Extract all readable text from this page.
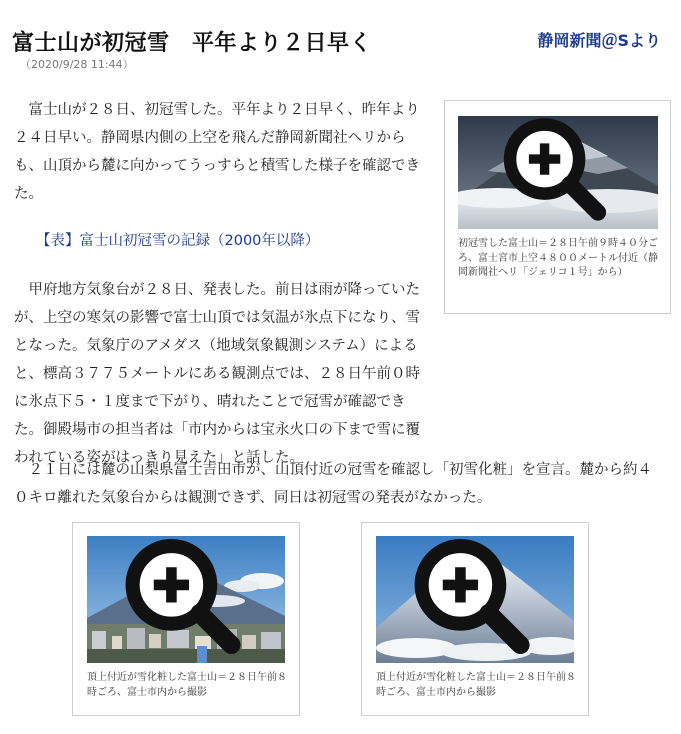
富士山が初冠雪　平年より２日早く	静岡新聞＠Sより
（2020/9/28 11:44）
富士山が２８日、初冠雪した。平年より２日早く、昨年より２４日早い。静岡県内側の上空を飛んだ静岡新聞社ヘリからも、山頂から麓に向かってうっすらと積雪した様子を確認できた。
【表】富士山初冠雪の記録（2000年以降）
甲府地方気象台が２８日、発表した。前日は雨が降っていたが、上空の寒気の影響で富士山頂では気温が氷点下になり、雪となった。気象庁のアメダス（地域気象観測システム）によると、標高３７７５メートルにある観測点では、２８日午前０時に氷点下５・１度まで下がり、晴れたことで冠雪が確認できた。御殿場市の担当者は「市内からは宝永火口の下まで雪に覆われている姿がはっきり見えた」と話した。
２１日には麓の山梨県富士吉田市が、山頂付近の冠雪を確認し「初雪化粧」を宣言。麓から約４０キロ離れた気象台からは観測できず、同日は初冠雪の発表がなかった。
初冠雪した富士山＝２８日午前９時４０分ごろ、富士宮市上空４８００メートル付近（静岡新聞社ヘリ「ジェリコ１号」から）
頂上付近が雪化粧した富士山＝２８日午前８時ごろ、富士市内から撮影
頂上付近が雪化粧した富士山＝２８日午前８時ごろ、富士市内から撮影
